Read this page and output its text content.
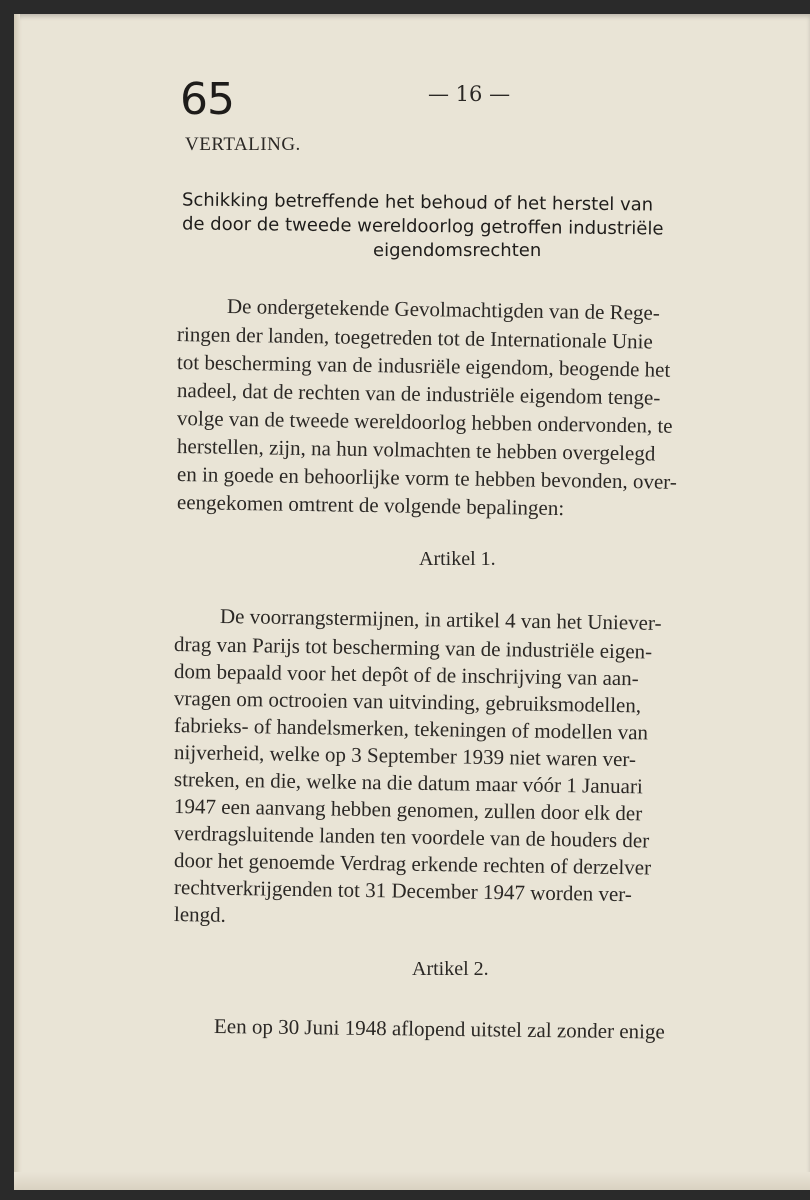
65	— 16 —
VERTALING.
Schikking betreffende het behoud of het herstel van
de door de tweede wereldoorlog getroffen industriële
eigendomsrechten
De ondergetekende Gevolmachtigden van de Rege-
ringen der landen, toegetreden tot de Internationale Unie
tot bescherming van de indusriële eigendom, beogende het
nadeel, dat de rechten van de industriële eigendom tenge-
volge van de tweede wereldoorlog hebben ondervonden, te
herstellen, zijn, na hun volmachten te hebben overgelegd
en in goede en behoorlijke vorm te hebben bevonden, over-
eengekomen omtrent de volgende bepalingen:
Artikel 1.
De voorrangstermijnen, in artikel 4 van het Uniever-
drag van Parijs tot bescherming van de industriële eigen-
dom bepaald voor het depôt of de inschrijving van aan-
vragen om octrooien van uitvinding, gebruiksmodellen,
fabrieks- of handelsmerken, tekeningen of modellen van
nijverheid, welke op 3 September 1939 niet waren ver-
streken, en die, welke na die datum maar vóór 1 Januari
1947 een aanvang hebben genomen, zullen door elk der
verdragsluitende landen ten voordele van de houders der
door het genoemde Verdrag erkende rechten of derzelver
rechtverkrijgenden tot 31 December 1947 worden ver-
lengd.
Artikel 2.
Een op 30 Juni 1948 aflopend uitstel zal zonder enige
